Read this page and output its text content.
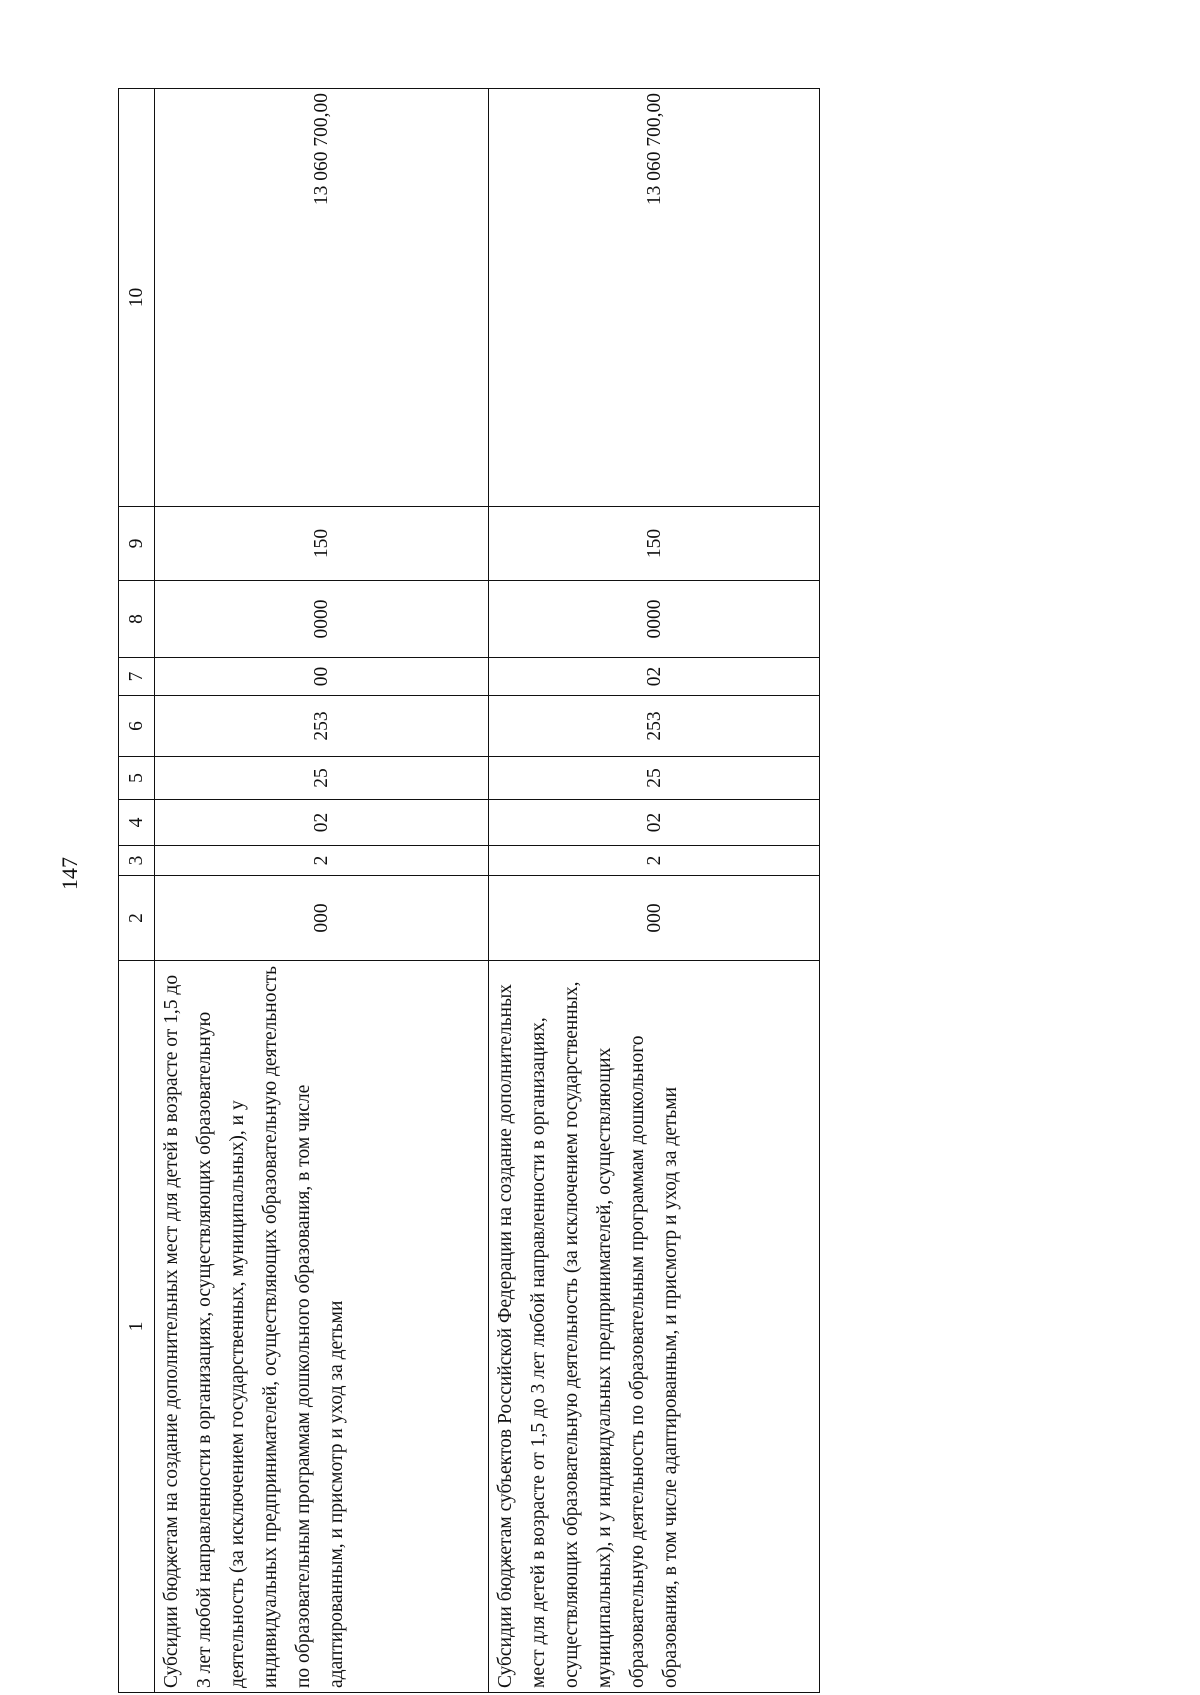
147
1	2	3	4	5	6	7	8	9	10
Субсидии бюджетам на создание дополнительных мест для детей в возрасте от 1,5 до 3 лет любой направленности в организациях, осуществляющих образовательную деятельность (за исключением государственных, муниципальных), и у индивидуальных предпринимателей, осуществляющих образовательную деятельность по образовательным программам дошкольного образования, в том числе адаптированным, и присмотр и уход за детьми	000	2	02	25	253	00	0000	150	13 060 700,00
Субсидии бюджетам субъектов Российской Федерации на создание дополнительных мест для детей в возрасте от 1,5 до 3 лет любой направленности в организациях, осуществляющих образовательную деятельность (за исключением государственных, муниципальных), и у индивидуальных предпринимателей, осуществляющих образовательную деятельность по образовательным программам дошкольного образования, в том числе адаптированным, и присмотр и уход за детьми	000	2	02	25	253	02	0000	150	13 060 700,00
